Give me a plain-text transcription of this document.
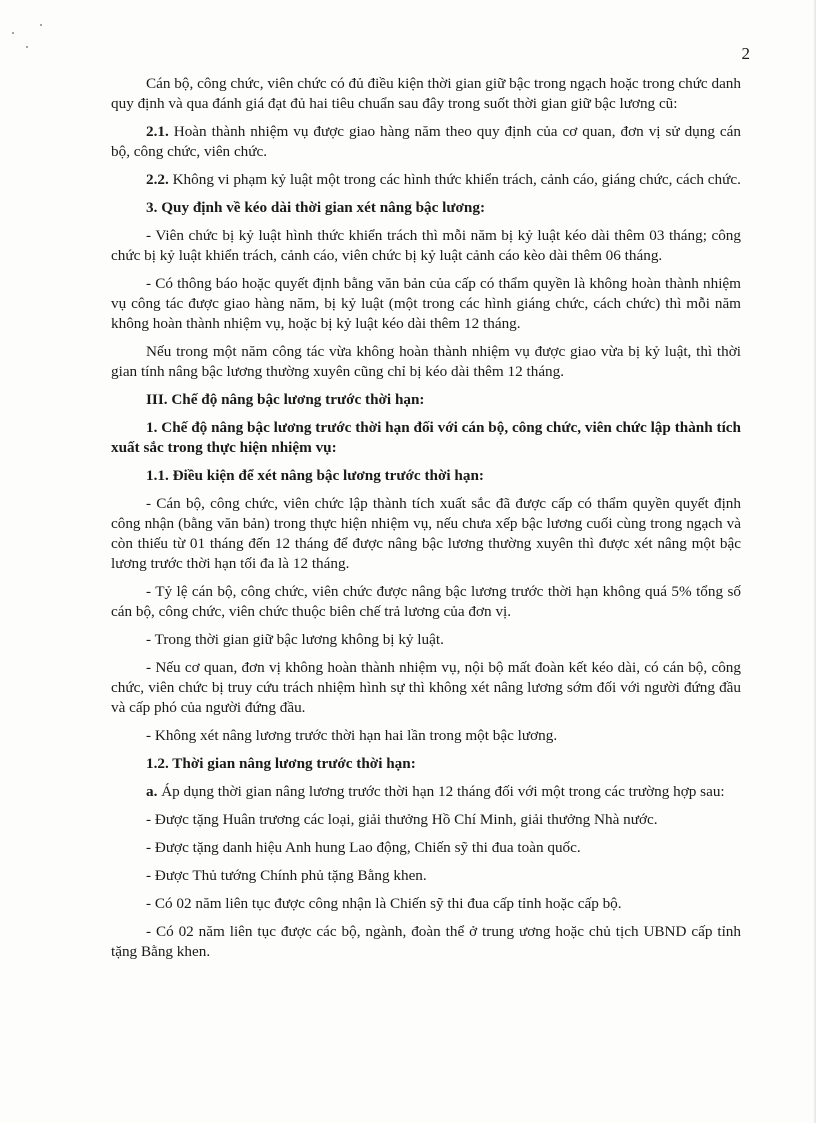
2

Cán bộ, công chức, viên chức có đủ điều kiện thời gian giữ bậc trong ngạch hoặc trong chức danh quy định và qua đánh giá đạt đủ hai tiêu chuẩn sau đây trong suốt thời gian giữ bậc lương cũ:

2.1. Hoàn thành nhiệm vụ được giao hàng năm theo quy định của cơ quan, đơn vị sử dụng cán bộ, công chức, viên chức.

2.2. Không vi phạm kỷ luật một trong các hình thức khiển trách, cảnh cáo, giáng chức, cách chức.

3. Quy định về kéo dài thời gian xét nâng bậc lương:

- Viên chức bị kỷ luật hình thức khiển trách thì mỗi năm bị kỷ luật kéo dài thêm 03 tháng; công chức bị kỷ luật khiển trách, cảnh cáo, viên chức bị kỷ luật cảnh cáo kèo dài thêm 06 tháng.

- Có thông báo hoặc quyết định bằng văn bản của cấp có thẩm quyền là không hoàn thành nhiệm vụ công tác được giao hàng năm, bị kỷ luật (một trong các hình giáng chức, cách chức) thì mỗi năm không hoàn thành nhiệm vụ, hoặc bị kỷ luật kéo dài thêm 12 tháng.

Nếu trong một năm công tác vừa không hoàn thành nhiệm vụ được giao vừa bị kỷ luật, thì thời gian tính nâng bậc lương thường xuyên cũng chỉ bị kéo dài thêm 12 tháng.

III. Chế độ nâng bậc lương trước thời hạn:

1. Chế độ nâng bậc lương trước thời hạn đối với cán bộ, công chức, viên chức lập thành tích xuất sắc trong thực hiện nhiệm vụ:

1.1. Điều kiện để xét nâng bậc lương trước thời hạn:

- Cán bộ, công chức, viên chức lập thành tích xuất sắc đã được cấp có thẩm quyền quyết định công nhận (bằng văn bản) trong thực hiện nhiệm vụ, nếu chưa xếp bậc lương cuối cùng trong ngạch và còn thiếu từ 01 tháng đến 12 tháng để được nâng bậc lương thường xuyên thì được xét nâng một bậc lương trước thời hạn tối đa là 12 tháng.

- Tỷ lệ cán bộ, công chức, viên chức được nâng bậc lương trước thời hạn không quá 5% tổng số cán bộ, công chức, viên chức thuộc biên chế trả lương của đơn vị.

- Trong thời gian giữ bậc lương không bị kỷ luật.

- Nếu cơ quan, đơn vị không hoàn thành nhiệm vụ, nội bộ mất đoàn kết kéo dài, có cán bộ, công chức, viên chức bị truy cứu trách nhiệm hình sự thì không xét nâng lương sớm đối với người đứng đầu và cấp phó của người đứng đầu.

- Không xét nâng lương trước thời hạn hai lần trong một bậc lương.

1.2. Thời gian nâng lương trước thời hạn:

a. Áp dụng thời gian nâng lương trước thời hạn 12 tháng đối với một trong các trường hợp sau:

- Được tặng Huân trương các loại, giải thưởng Hồ Chí Minh, giải thưởng Nhà nước.

- Được tặng danh hiệu Anh hung Lao động, Chiến sỹ thi đua toàn quốc.

- Được Thủ tướng Chính phủ tặng Bằng khen.

- Có 02 năm liên tục được công nhận là Chiến sỹ thi đua cấp tỉnh hoặc cấp bộ.

- Có 02 năm liên tục được các bộ, ngành, đoàn thể ở trung ương hoặc chủ tịch UBND cấp tỉnh tặng Bằng khen.
